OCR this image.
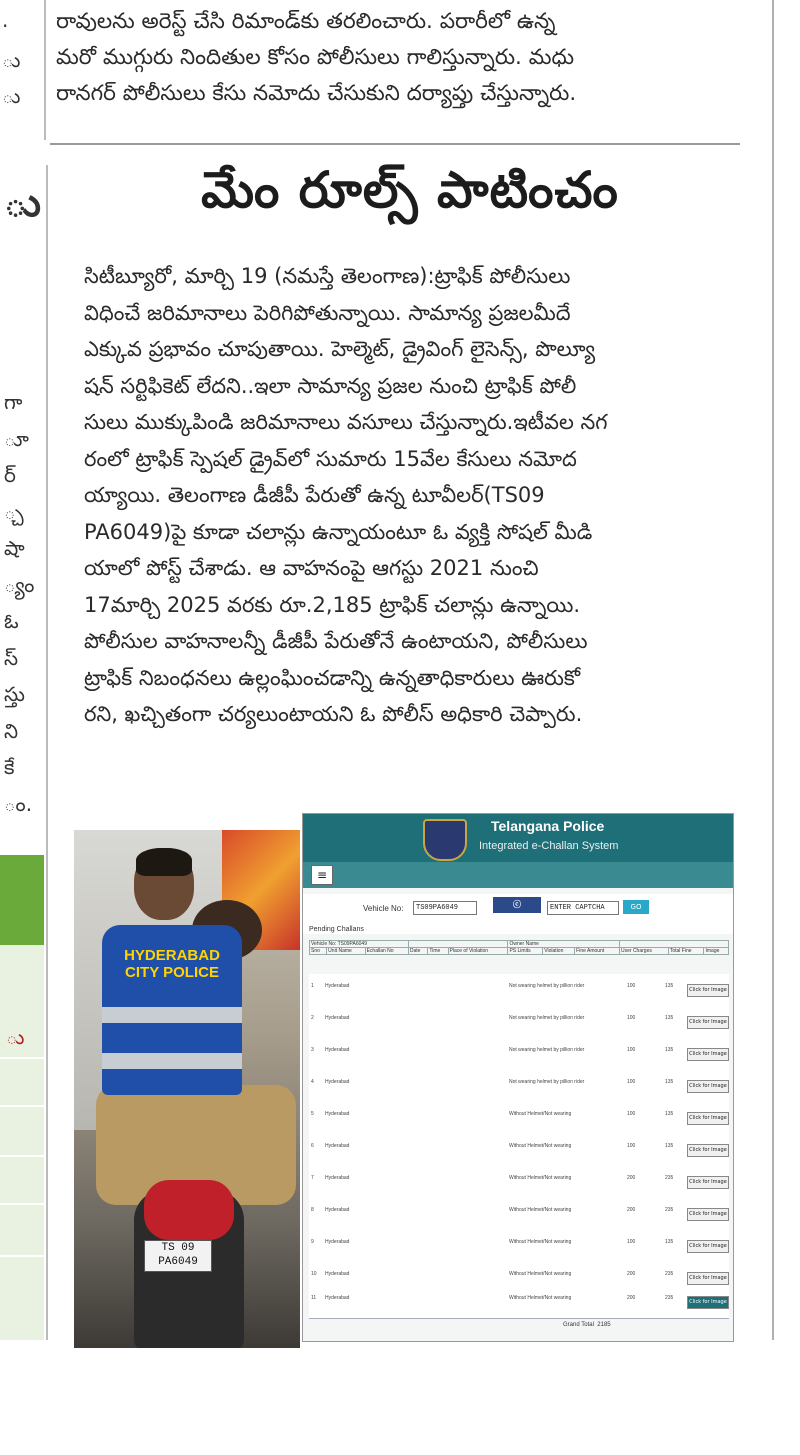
.
ు
ు
ు
గా
ూ
ర్
్చ
షా
్యం
ఓ
స్
స్తు
ని
కే
ం.
ు
రావులను అరెస్ట్ చేసి రిమాండ్‌కు తరలించారు. పరారీలో ఉన్న
మరో ముగ్గురు నిందితుల కోసం పోలీసులు గాలిస్తున్నారు. మధు
రానగర్ పోలీసులు కేసు నమోదు చేసుకుని దర్యాప్తు చేస్తున్నారు.
మేం రూల్స్ పాటించం
సిటీబ్యూరో, మార్చి 19 (నమస్తే తెలంగాణ):ట్రాఫిక్ పోలీసులు
విధించే జరిమానాలు పెరిగిపోతున్నాయి. సామాన్య ప్రజలమీదే
ఎక్కువ ప్రభావం చూపుతాయి. హెల్మెట్, డ్రైవింగ్ లైసెన్స్, పొల్యూ
షన్ సర్టిఫికెట్ లేదని..ఇలా సామాన్య ప్రజల నుంచి ట్రాఫిక్ పోలీ
సులు ముక్కుపిండి జరిమానాలు వసూలు చేస్తున్నారు.ఇటీవల నగ
రంలో ట్రాఫిక్ స్పెషల్ డ్రైవ్‌లో సుమారు 15వేల కేసులు నమోద
య్యాయి. తెలంగాణ డీజీపీ పేరుతో ఉన్న టూవీలర్(TS09
PA6049)పై కూడా చలాన్లు ఉన్నాయంటూ ఓ వ్యక్తి సోషల్ మీడి
యాలో పోస్ట్ చేశాడు. ఆ వాహనంపై ఆగస్టు 2021 నుంచి
17మార్చి 2025 వరకు రూ.2,185 ట్రాఫిక్ చలాన్లు ఉన్నాయి.
పోలీసుల వాహనాలన్నీ డీజీపీ పేరుతోనే ఉంటాయని, పోలీసులు
ట్రాఫిక్ నిబంధనలు ఉల్లంఘించడాన్ని ఉన్నతాధికారులు ఊరుకో
రని, ఖచ్చితంగా చర్యలుంటాయని ఓ పోలీస్ అధికారి చెప్పారు.
HYDERABAD
CITY POLICE
TS 09
PA6049
Telangana Police
Integrated e-Challan System
≡
Vehicle No:	TS09PA6049	ⓒ	ENTER CAPTCHA	GO
Pending Challans
Vehicle No: TS09PA6049						Owner Name					
Sno	Unit Name	Echallan No	Date	Time	Place of Violation	PS Limits	Violation	Fine Amount	User Charges	Total Fine	Image
1 Hyderabad	Not wearing helmet by pillion rider	100	135
Click for Image
2 Hyderabad	Not wearing helmet by pillion rider	100	135
Click for Image
3 Hyderabad	Not wearing helmet by pillion rider	100	135
Click for Image
4 Hyderabad	Not wearing helmet by pillion rider	100	135
Click for Image
5 Hyderabad	Without Helmet/Not wearing	100	135
Click for Image
6 Hyderabad	Without Helmet/Not wearing	100	135
Click for Image
7 Hyderabad	Without Helmet/Not wearing	200	235
Click for Image
8 Hyderabad	Without Helmet/Not wearing	200	235
Click for Image
9 Hyderabad	Without Helmet/Not wearing	100	135
Click for Image
10 Hyderabad	Without Helmet/Not wearing	200	235
Click for Image
11 Hyderabad	Without Helmet/Not wearing	200	235
Click for Image
Grand Total 2185
